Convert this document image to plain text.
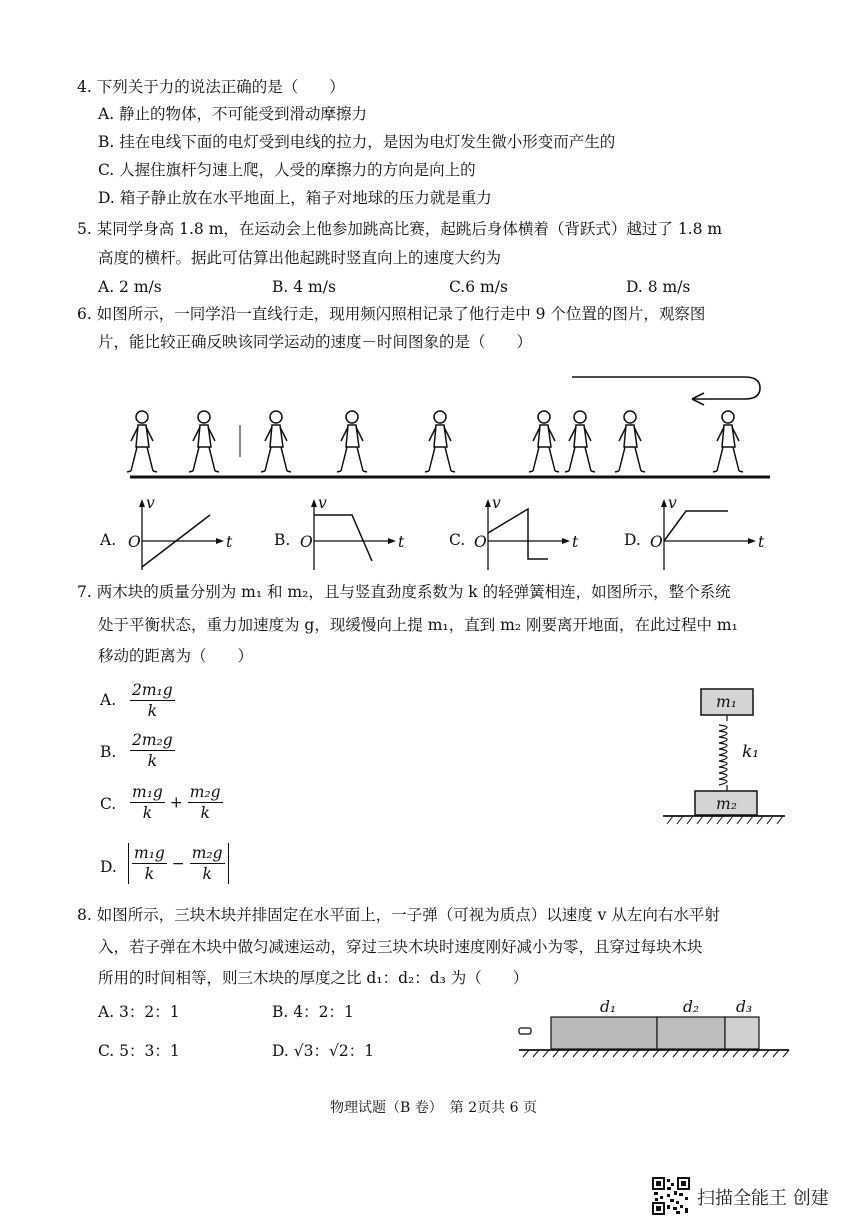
4. 下列关于力的说法正确的是（　　）
A. 静止的物体，不可能受到滑动摩擦力
B. 挂在电线下面的电灯受到电线的拉力，是因为电灯发生微小形变而产生的
C. 人握住旗杆匀速上爬，人受的摩擦力的方向是向上的
D. 箱子静止放在水平地面上，箱子对地球的压力就是重力
5. 某同学身高 1.8 m，在运动会上他参加跳高比赛，起跳后身体横着（背跃式）越过了 1.8 m
高度的横杆。据此可估算出他起跳时竖直向上的速度大约为
A. 2 m/s	B. 4 m/s	C.6 m/s	D. 8 m/s
6. 如图所示，一同学沿一直线行走，现用频闪照相记录了他行走中 9 个位置的图片，观察图
片，能比较正确反映该同学运动的速度－时间图象的是（　　）
A.	B.	C.	D.
v
O	t
v
O	t
v
O	t
v
O	t
7. 两木块的质量分别为 m₁ 和 m₂，且与竖直劲度系数为 k 的轻弹簧相连，如图所示，整个系统
处于平衡状态，重力加速度为 g，现缓慢向上提 m₁，直到 m₂ 刚要离开地面，在此过程中 m₁
移动的距离为（　　）
A. $\frac{\text{2m₁g}}{k}$
B. $\frac{\text{2m₂g}}{k}$
C. $\frac{\text{m₁g}}{k} + \frac{\text{m₂g}}{k}$
D. $\frac{\text{m₁g}}{k} - \frac{\text{m₂g}}{k}$
m₁
k₁
m₂
8. 如图所示，三块木块并排固定在水平面上，一子弹（可视为质点）以速度 v 从左向右水平射
入，若子弹在木块中做匀减速运动，穿过三块木块时速度刚好减小为零，且穿过每块木块
所用的时间相等，则三木块的厚度之比 d₁：d₂：d₃ 为（　　）
A. 3：2：1	B. 4：2：1
C. 5：3：1	D. √3：√2：1
d₁	d₂ d₃
物理试题（B 卷）　第 2页共 6 页
扫描全能王 创建
